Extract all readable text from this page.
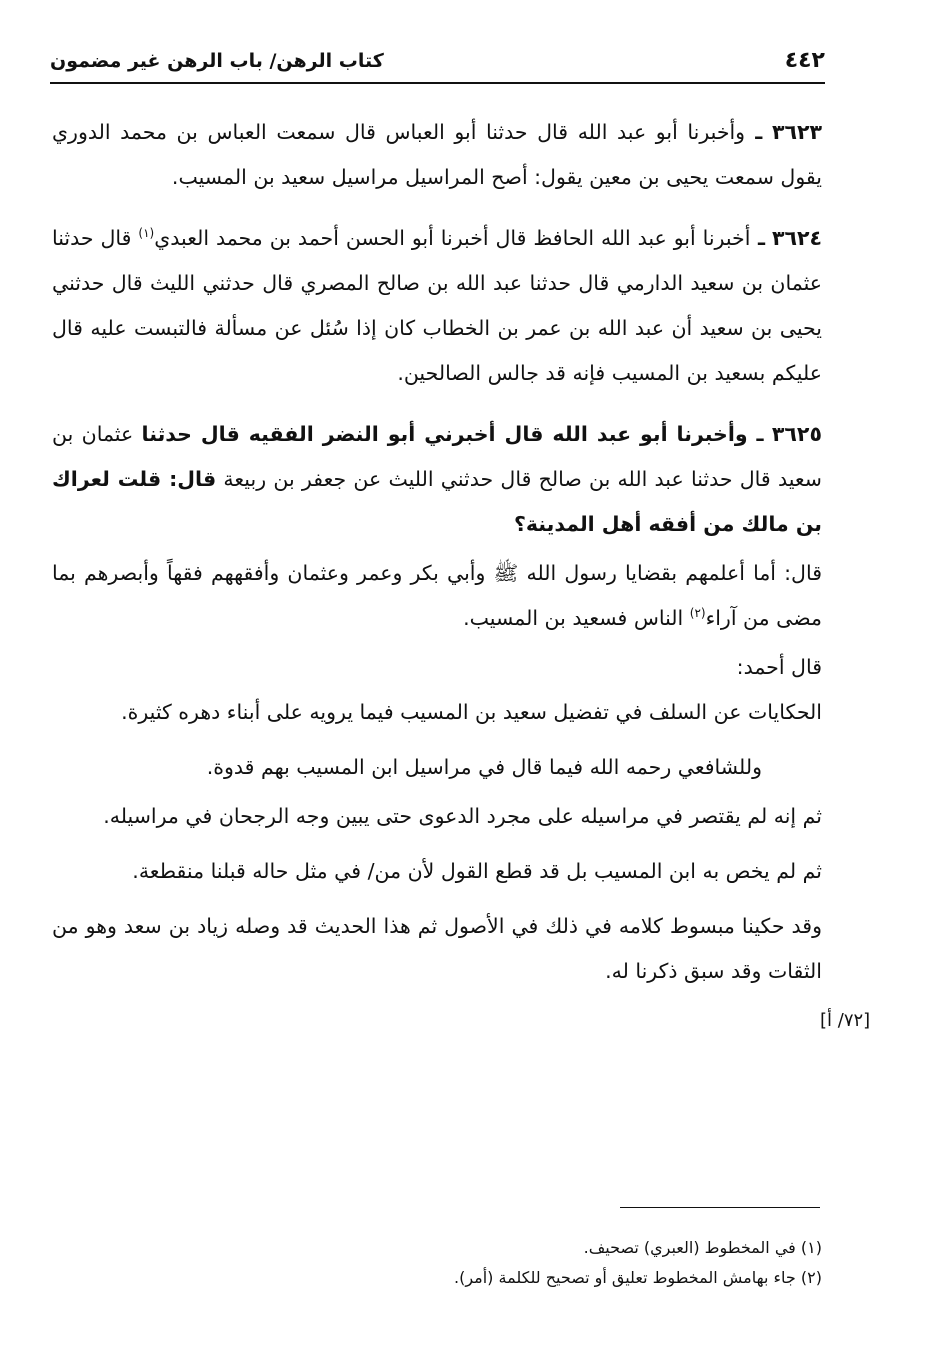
كتاب الرهن/ باب الرهن غير مضمون	٤٤٢

٣٦٢٣ ـ وأخبرنا أبو عبد الله قال حدثنا أبو العباس قال سمعت العباس بن محمد الدوري يقول سمعت يحيى بن معين يقول: أصح المراسيل مراسيل سعيد بن المسيب.

٣٦٢٤ ـ أخبرنا أبو عبد الله الحافظ قال أخبرنا أبو الحسن أحمد بن محمد العبدي$^{(١)}$ قال حدثنا عثمان بن سعيد الدارمي قال حدثنا عبد الله بن صالح المصري قال حدثني الليث قال حدثني يحيى بن سعيد أن عبد الله بن عمر بن الخطاب كان إذا سُئل عن مسألة فالتبست عليه قال عليكم بسعيد بن المسيب فإنه قد جالس الصالحين.

٣٦٢٥ ـ وأخبرنا أبو عبد الله قال أخبرني أبو النضر الفقيه قال حدثنا عثمان بن سعيد قال حدثنا عبد الله بن صالح قال حدثني الليث عن جعفر بن ربيعة قال: قلت لعراك بن مالك من أفقه أهل المدينة؟

قال: أما أعلمهم بقضايا رسول الله ﷺ وأبي بكر وعمر وعثمان وأفقههم فقهاً وأبصرهم بما مضى من آراء$^{(٢)}$ الناس فسعيد بن المسيب.

قال أحمد:

الحكايات عن السلف في تفضيل سعيد بن المسيب فيما يرويه على أبناء دهره كثيرة.

وللشافعي رحمه الله فيما قال في مراسيل ابن المسيب بهم قدوة.

ثم إنه لم يقتصر في مراسيله على مجرد الدعوى حتى يبين وجه الرجحان في مراسيله.

ثم لم يخص به ابن المسيب بل قد قطع القول لأن من/ في مثل حاله قبلنا منقطعة.

وقد حكينا مبسوط كلامه في ذلك في الأصول ثم هذا الحديث قد وصله زياد بن سعد وهو من الثقات وقد سبق ذكرنا له.

[٧٢/ أ]
(١) في المخطوط (العبري) تصحيف.
(٢) جاء بهامش المخطوط تعليق أو تصحيح للكلمة (أمر).
